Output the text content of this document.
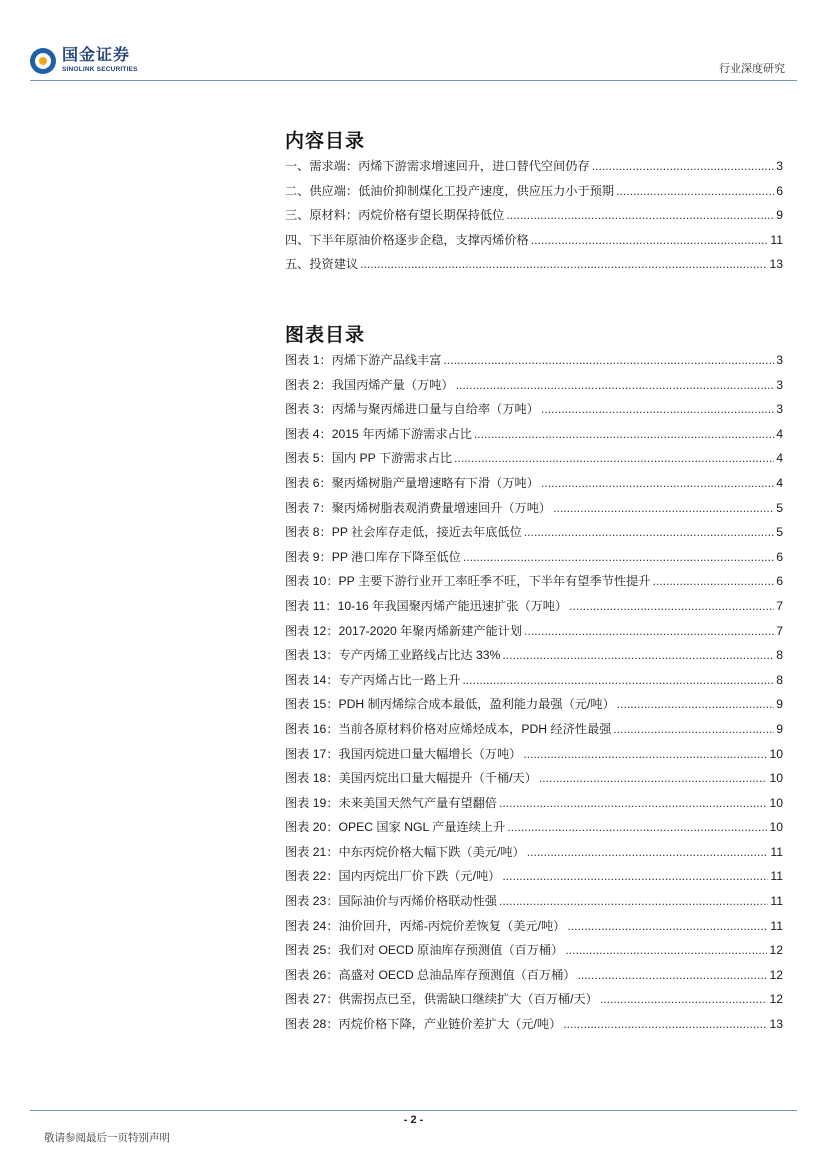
国金证券
SINOLINK SECURITIES	行业深度研究
内容目录
一、需求端：丙烯下游需求增速回升，进口替代空间仍存 .....	3
二、供应端：低油价抑制煤化工投产速度，供应压力小于预期 .....	6
三、原材料：丙烷价格有望长期保持低位 .....	9
四、下半年原油价格逐步企稳，支撑丙烯价格 .....	11
五、投资建议 .....	13
图表目录
图表 1：丙烯下游产品线丰富 .....	3
图表 2：我国丙烯产量（万吨） .....	3
图表 3：丙烯与聚丙烯进口量与自给率（万吨） .....	3
图表 4：2015 年丙烯下游需求占比 .....	4
图表 5：国内 PP 下游需求占比 .....	4
图表 6：聚丙烯树脂产量增速略有下滑（万吨） .....	4
图表 7：聚丙烯树脂表观消费量增速回升（万吨） .....	5
图表 8：PP 社会库存走低，接近去年底低位 .....	5
图表 9：PP 港口库存下降至低位 .....	6
图表 10：PP 主要下游行业开工率旺季不旺，下半年有望季节性提升 .....	6
图表 11：10-16 年我国聚丙烯产能迅速扩张（万吨） .....	7
图表 12：2017-2020 年聚丙烯新建产能计划 .....	7
图表 13：专产丙烯工业路线占比达 33% .....	8
图表 14：专产丙烯占比一路上升 .....	8
图表 15：PDH 制丙烯综合成本最低，盈利能力最强（元/吨） .....	9
图表 16：当前各原材料价格对应烯烃成本，PDH 经济性最强 .....	9
图表 17：我国丙烷进口量大幅增长（万吨） .....	10
图表 18：美国丙烷出口量大幅提升（千桶/天） .....	10
图表 19：未来美国天然气产量有望翻倍 .....	10
图表 20：OPEC 国家 NGL 产量连续上升 .....	10
图表 21：中东丙烷价格大幅下跌（美元/吨） .....	11
图表 22：国内丙烷出厂价下跌（元/吨） .....	11
图表 23：国际油价与丙烯价格联动性强 .....	11
图表 24：油价回升，丙烯-丙烷价差恢复（美元/吨） .....	11
图表 25：我们对 OECD 原油库存预测值（百万桶） .....	12
图表 26：高盛对 OECD 总油品库存预测值（百万桶） .....	12
图表 27：供需拐点已至，供需缺口继续扩大（百万桶/天） .....	12
图表 28：丙烷价格下降，产业链价差扩大（元/吨） .....	13
- 2 -
敬请参阅最后一页特别声明
